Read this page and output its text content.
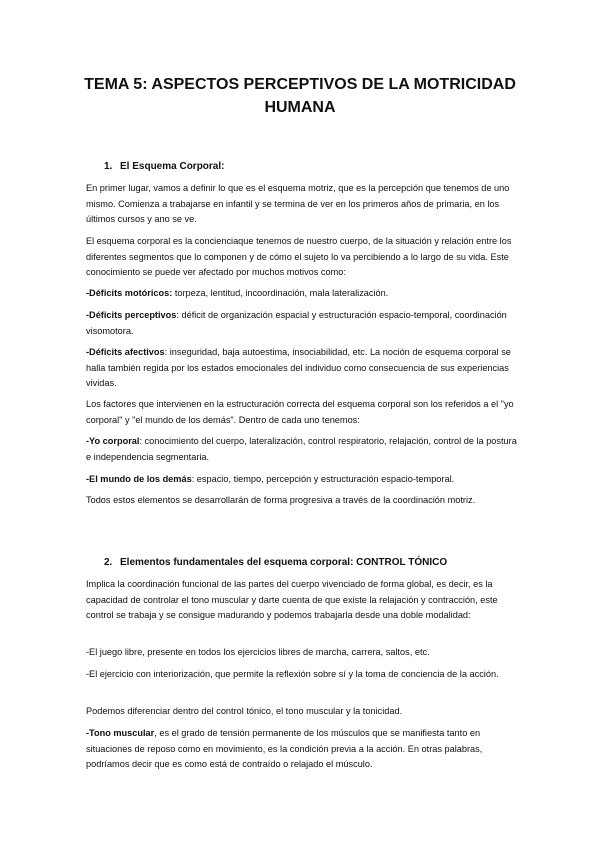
TEMA 5: ASPECTOS PERCEPTIVOS DE LA MOTRICIDAD HUMANA
1. El Esquema Corporal:

En primer lugar, vamos a definir lo que es el esquema motriz, que es la percepción que tenemos de uno mismo. Comienza a trabajarse en infantil y se termina de ver en los primeros años de primaria, en los últimos cursos y ano se ve.

El esquema corporal es la concienciaque tenemos de nuestro cuerpo, de la situación y relación entre los diferentes segmentos que lo componen y de cómo el sujeto lo va percibiendo a lo largo de su vida. Este conocimiento se puede ver afectado por muchos motivos como:

-Déficits motóricos: torpeza, lentitud, incoordinación, mala lateralización.

-Déficits perceptivos: déficit de organización espacial y estructuración espacio-temporal, coordinación visomotora.

-Déficits afectivos: inseguridad, baja autoestima, insociabilidad, etc. La noción de esquema corporal se halla también regida por los estados emocionales del individuo como consecuencia de sus experiencias vividas.

Los factores que intervienen en la estructuración correcta del esquema corporal son los referidos a el "yo corporal" y "el mundo de los demás". Dentro de cada uno tenemos:

-Yo corporal: conocimiento del cuerpo, lateralización, control respiratorio, relajación, control de la postura e independencia segmentaria.

-El mundo de los demás: espacio, tiempo, percepción y estructuración espacio-temporal.

Todos estos elementos se desarrollarán de forma progresiva a través de la coordinación motriz.

2. Elementos fundamentales del esquema corporal: CONTROL TÓNICO

Implica la coordinación funcional de las partes del cuerpo vivenciado de forma global, es decir, es la capacidad de controlar el tono muscular y darte cuenta de que existe la relajación y contracción, este control se trabaja y se consigue madurando y podemos trabajarla desde una doble modalidad:

-El juego libre, presente en todos los ejercicios libres de marcha, carrera, saltos, etc.

-El ejercicio con interiorización, que permite la reflexión sobre sí y la toma de conciencia de la acción.

Podemos diferenciar dentro del control tónico, el tono muscular y la tonicidad.

-Tono muscular, es el grado de tensión permanente de los músculos que se manifiesta tanto en situaciones de reposo como en movimiento, es la condición previa a la acción. En otras palabras, podríamos decir que es como está de contraído o relajado el músculo.
